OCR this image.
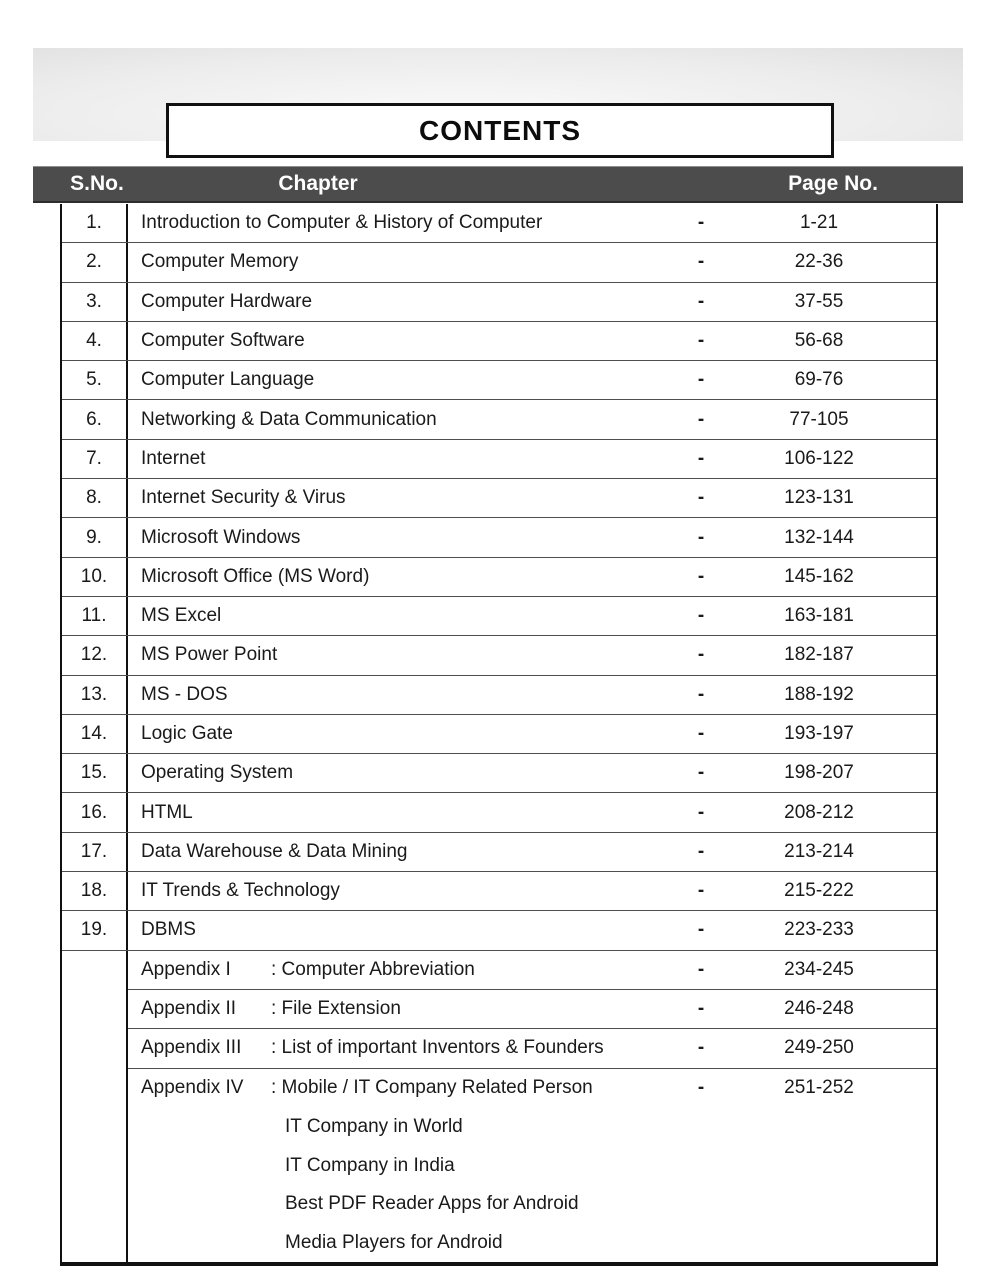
CONTENTS
S.No.	Chapter	Page No.
1.	Introduction to Computer & History of Computer	-	1-21
2.	Computer Memory	-	22-36
3.	Computer Hardware	-	37-55
4.	Computer Software	-	56-68
5.	Computer Language	-	69-76
6.	Networking & Data Communication	-	77-105
7.	Internet	-	106-122
8.	Internet Security & Virus	-	123-131
9.	Microsoft Windows	-	132-144
10.	Microsoft Office (MS Word)	-	145-162
11.	MS Excel	-	163-181
12.	MS Power Point	-	182-187
13.	MS - DOS	-	188-192
14.	Logic Gate	-	193-197
15.	Operating System	-	198-207
16.	HTML	-	208-212
17.	Data Warehouse & Data Mining	-	213-214
18.	IT Trends & Technology	-	215-222
19.	DBMS	-	223-233
Appendix I	: Computer Abbreviation	-	234-245
Appendix II	: File Extension	-	246-248
Appendix III	: List of important Inventors & Founders	-	249-250
Appendix IV	: Mobile / IT Company Related Person	-	251-252
IT Company in World
IT Company in India
Best PDF Reader Apps for Android
Media Players for Android
